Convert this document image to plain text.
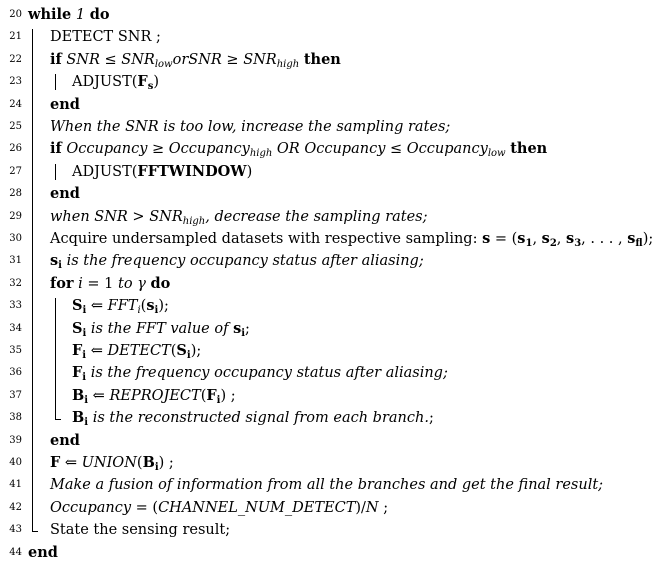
20 while 1 do
21 DETECT SNR ;
22 if SNR ≤ $SNR_{low}orSNR \ge SNR_{high}$ then
23	$ADJUST(F_s)$
24 end
25 When the SNR is too low, increase the sampling rates;
26 if Occupancy ≥ Occupancy$_{high}$ OR Occupancy ≤ Occupancy$_{low}$ then
27	ADJUST(FFTWINDOW)
28 end
29 when SNR > $SNR_{high}$, decrease the sampling rates;
30 Acquire undersampled datasets with respective sampling: $s = (s_1$, $s_2$, $s_3$, . . . , $s_{fl}$);
31 $s_i$ is the frequency occupancy status after aliasing;
32 for i = 1 to γ do
33	$S_i$ ⇐ $FFT_i(s_i)$;
34	$S_i$ is the FFT value of $s_i$;
35	$F_i$ ⇐ $DETECT(S_i)$;
36	$F_i$ is the frequency occupancy status after aliasing;
37	$B_i$ ⇐ $REPROJECT(F_i)$ ;
38	$B_i$ is the reconstructed signal from each branch.;
39 end
40 F ⇐ $UNION(B_i)$ ;
41 Make a fusion of information from all the branches and get the final result;
42 Occupancy = (CHANNEL_NUM_DETECT)/N ;
43 State the sensing result;
44 end
